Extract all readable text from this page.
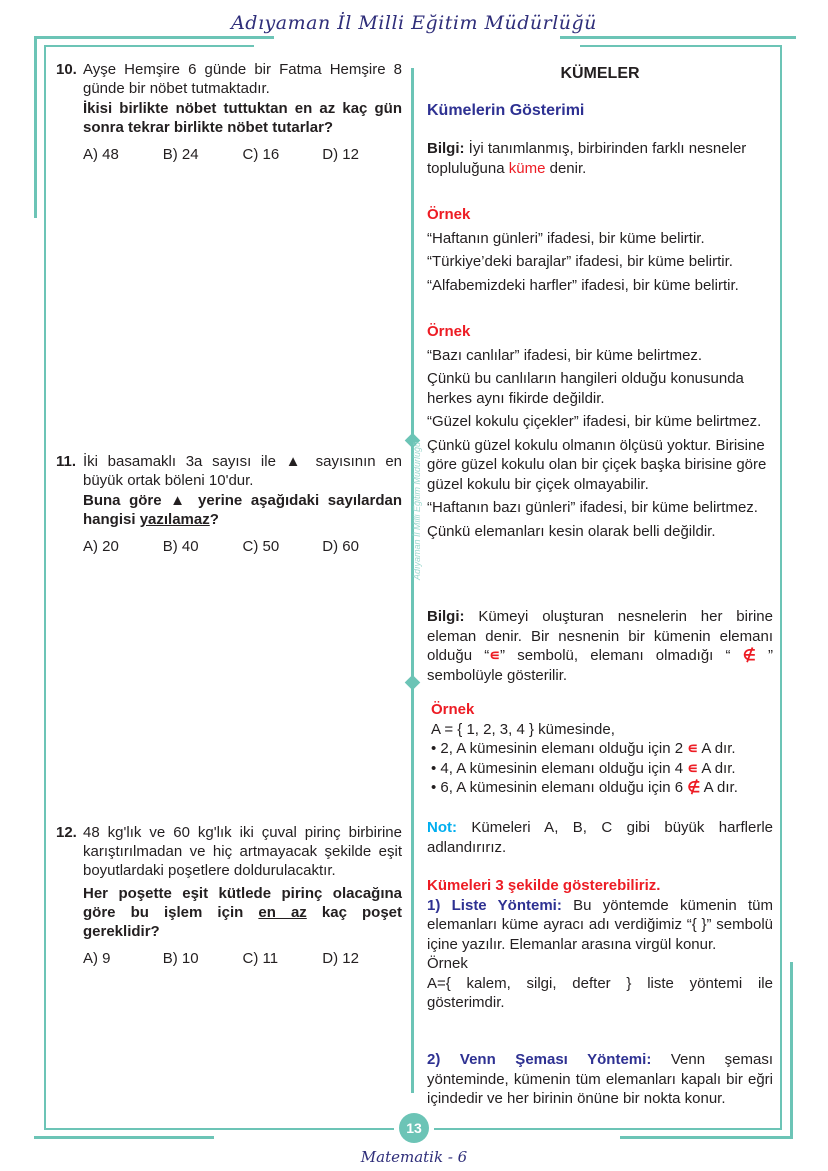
Adıyaman İl Milli Eğitim Müdürlüğü
Adıyaman İl Milli Eğitim Müdürlüğü
10. Ayşe Hemşire 6 günde bir Fatma Hemşire 8 günde bir nöbet tutmaktadır.
İkisi birlikte nöbet tuttuktan en az kaç gün sonra tekrar birlikte nöbet tutarlar?
A) 48	B) 24	C) 16	D) 12
11. İki basamaklı 3a sayısı ile ▲ sayısının en büyük ortak böleni 10'dur.
Buna göre ▲ yerine aşağıdaki sayılardan hangisi yazılamaz?
A) 20	B) 40	C) 50	D) 60
12. 48 kg'lık ve 60 kg'lık iki çuval pirinç birbirine karıştırılmadan ve hiç artmayacak şekilde eşit boyutlardaki poşetlere doldurulacaktır.
Her poşette eşit kütlede pirinç olacağına göre bu işlem için en az kaç poşet gereklidir?
A) 9	B) 10	C) 11	D) 12
KÜMELER
Kümelerin Gösterimi

Bilgi: İyi tanımlanmış, birbirinden farklı nesneler topluluğuna küme denir.

Örnek

“Haftanın günleri” ifadesi, bir küme belirtir.

“Türkiye’deki barajlar” ifadesi, bir küme belirtir.

“Alfabemizdeki harfler” ifadesi, bir küme belirtir.

Örnek

“Bazı canlılar” ifadesi, bir küme belirtmez.

Çünkü bu canlıların hangileri olduğu konusunda herkes aynı fikirde değildir.

“Güzel kokulu çiçekler” ifadesi, bir küme belirtmez.

Çünkü güzel kokulu olmanın ölçüsü yoktur. Birisine göre güzel kokulu olan bir çiçek başka birisine göre güzel kokulu bir çiçek olmayabilir.

“Haftanın bazı günleri” ifadesi, bir küme belirtmez.

Çünkü elemanları kesin olarak belli değildir.

Bilgi: Kümeyi oluşturan nesnelerin her birine eleman denir. Bir nesnenin bir kümenin elemanı olduğu “∊” sembolü, elemanı olmadığı “ ∉ ” sembolüyle gösterilir.

Örnek

A = { 1, 2, 3, 4 } kümesinde,

• 2, A kümesinin elemanı olduğu için 2 ∊ A dır.

• 4, A kümesinin elemanı olduğu için 4 ∊ A dır.

• 6, A kümesinin elemanı olduğu için 6 ∉ A dır.

Not: Kümeleri A, B, C gibi büyük harflerle adlandırırız.

Kümeleri 3 şekilde gösterebiliriz.

1) Liste Yöntemi: Bu yöntemde kümenin tüm elemanları küme ayracı adı verdiğimiz “{ }” sembolü içine yazılır. Elemanlar arasına virgül konur.

Örnek

A={ kalem, silgi, defter } liste yöntemi ile gösterimdir.

2) Venn Şeması Yöntemi: Venn şeması yönteminde, kümenin tüm elemanları kapalı bir eğri içindedir ve her birinin önüne bir nokta konur.

13
Matematik - 6
